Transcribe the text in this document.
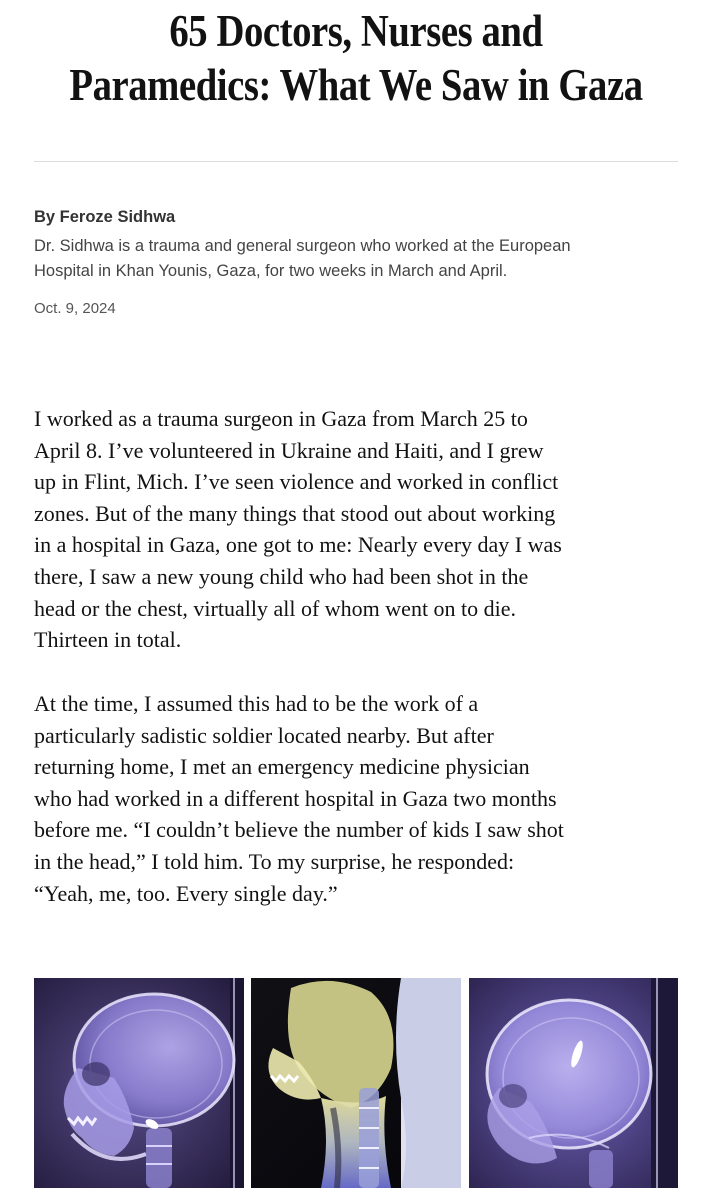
65 Doctors, Nurses and
Paramedics: What We Saw in Gaza
By Feroze Sidhwa
Dr. Sidhwa is a trauma and general surgeon who worked at the European
Hospital in Khan Younis, Gaza, for two weeks in March and April.
Oct. 9, 2024

I worked as a trauma surgeon in Gaza from March 25 to
April 8. I’ve volunteered in Ukraine and Haiti, and I grew
up in Flint, Mich. I’ve seen violence and worked in conflict
zones. But of the many things that stood out about working
in a hospital in Gaza, one got to me: Nearly every day I was
there, I saw a new young child who had been shot in the
head or the chest, virtually all of whom went on to die.
Thirteen in total.

At the time, I assumed this had to be the work of a
particularly sadistic soldier located nearby. But after
returning home, I met an emergency medicine physician
who had worked in a different hospital in Gaza two months
before me. “I couldn’t believe the number of kids I saw shot
in the head,” I told him. To my surprise, he responded:
“Yeah, me, too. Every single day.”
